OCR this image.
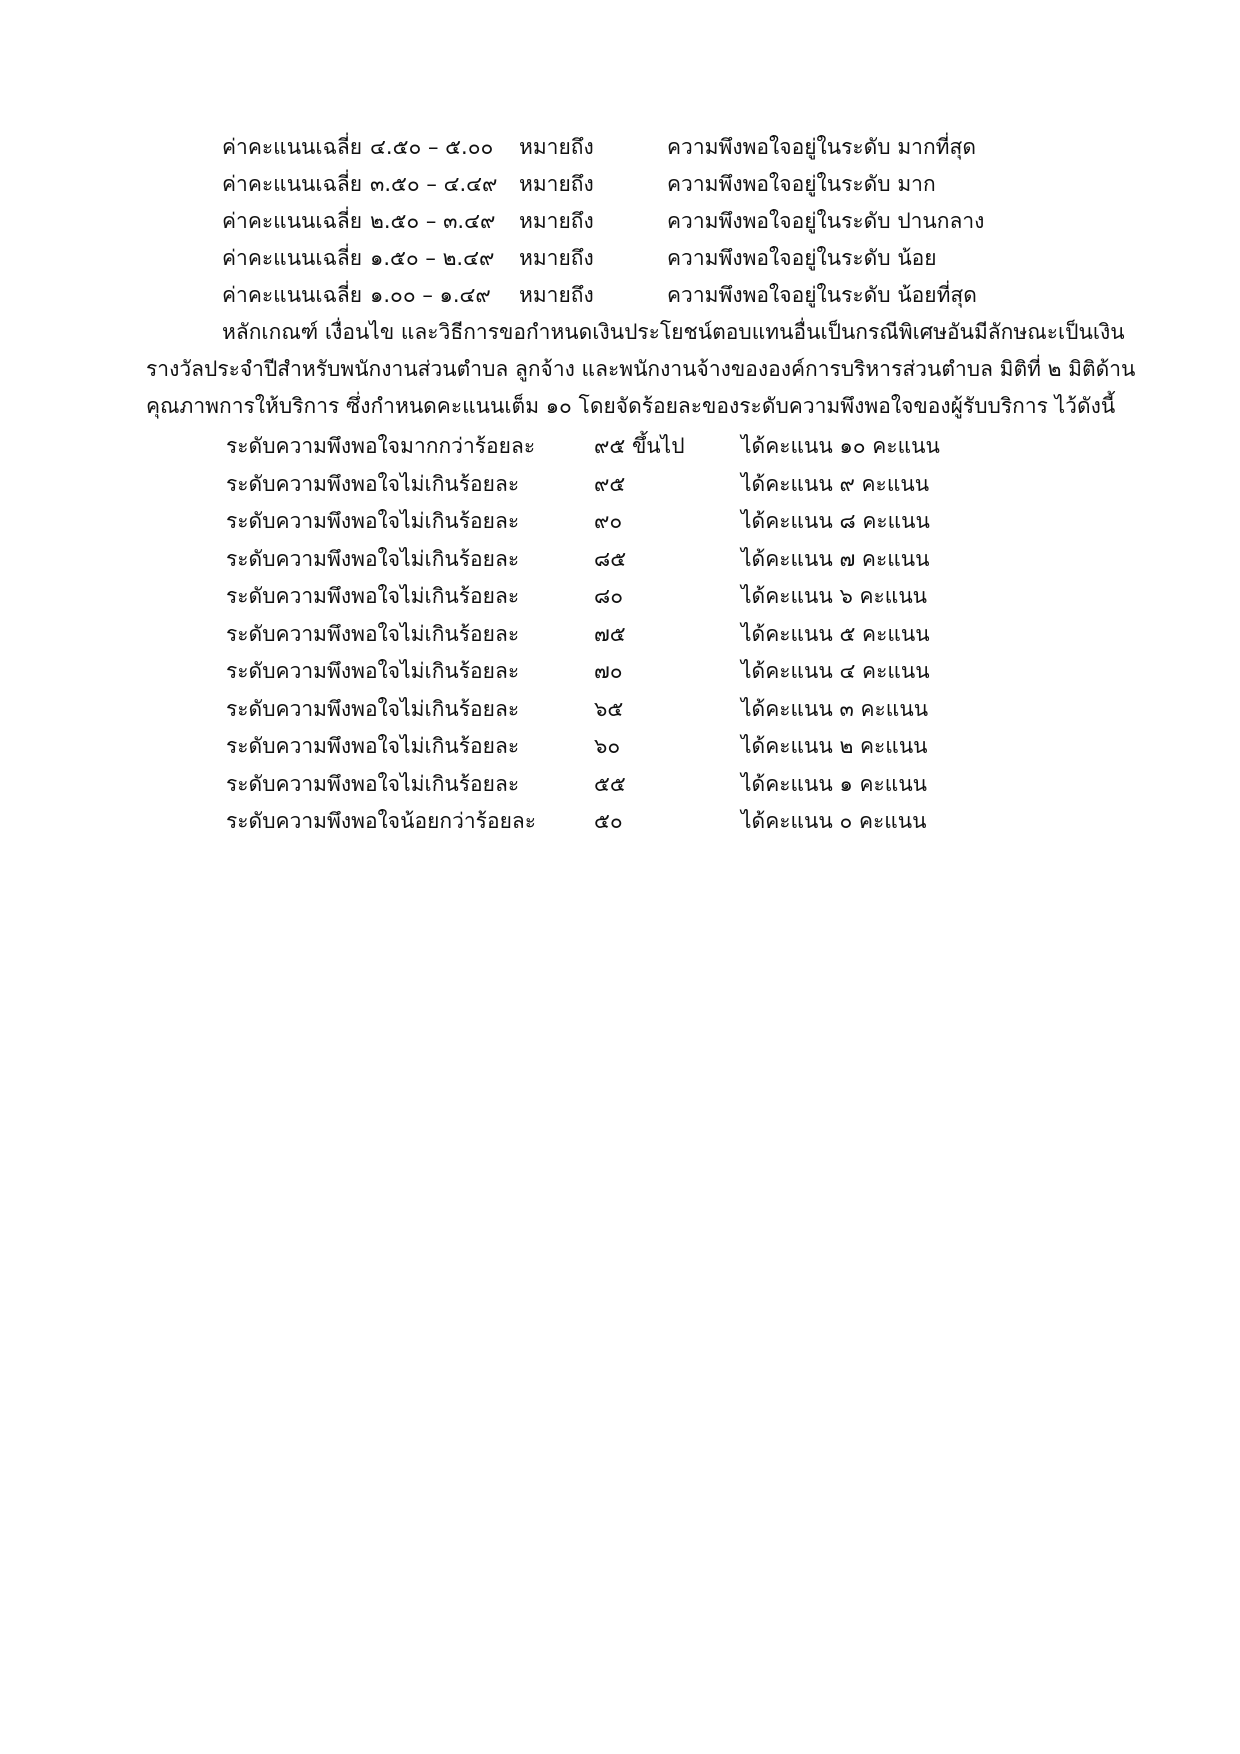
ค่าคะแนนเฉลี่ย ๔.๕๐ – ๕.๐๐ หมายถึง	ความพึงพอใจอยู่ในระดับ มากที่สุด
ค่าคะแนนเฉลี่ย ๓.๕๐ – ๔.๔๙ หมายถึง	ความพึงพอใจอยู่ในระดับ มาก
ค่าคะแนนเฉลี่ย ๒.๕๐ – ๓.๔๙ หมายถึง	ความพึงพอใจอยู่ในระดับ ปานกลาง
ค่าคะแนนเฉลี่ย ๑.๕๐ – ๒.๔๙ หมายถึง	ความพึงพอใจอยู่ในระดับ น้อย
ค่าคะแนนเฉลี่ย ๑.๐๐ – ๑.๔๙ หมายถึง	ความพึงพอใจอยู่ในระดับ น้อยที่สุด
หลักเกณฑ์ เงื่อนไข และวิธีการขอกำหนดเงินประโยชน์ตอบแทนอื่นเป็นกรณีพิเศษอันมีลักษณะเป็นเงิน
รางวัลประจำปีสำหรับพนักงานส่วนตำบล ลูกจ้าง และพนักงานจ้างขององค์การบริหารส่วนตำบล มิติที่ ๒ มิติด้าน
คุณภาพการให้บริการ ซึ่งกำหนดคะแนนเต็ม ๑๐ โดยจัดร้อยละของระดับความพึงพอใจของผู้รับบริการ ไว้ดังนี้
ระดับความพึงพอใจมากกว่าร้อยละ	๙๕ ขึ้นไป	ได้คะแนน ๑๐ คะแนน
ระดับความพึงพอใจไม่เกินร้อยละ	๙๕	ได้คะแนน ๙ คะแนน
ระดับความพึงพอใจไม่เกินร้อยละ	๙๐	ได้คะแนน ๘ คะแนน
ระดับความพึงพอใจไม่เกินร้อยละ	๘๕	ได้คะแนน ๗ คะแนน
ระดับความพึงพอใจไม่เกินร้อยละ	๘๐	ได้คะแนน ๖ คะแนน
ระดับความพึงพอใจไม่เกินร้อยละ	๗๕	ได้คะแนน ๕ คะแนน
ระดับความพึงพอใจไม่เกินร้อยละ	๗๐	ได้คะแนน ๔ คะแนน
ระดับความพึงพอใจไม่เกินร้อยละ	๖๕	ได้คะแนน ๓ คะแนน
ระดับความพึงพอใจไม่เกินร้อยละ	๖๐	ได้คะแนน ๒ คะแนน
ระดับความพึงพอใจไม่เกินร้อยละ	๕๕	ได้คะแนน ๑ คะแนน
ระดับความพึงพอใจน้อยกว่าร้อยละ	๕๐	ได้คะแนน ๐ คะแนน
